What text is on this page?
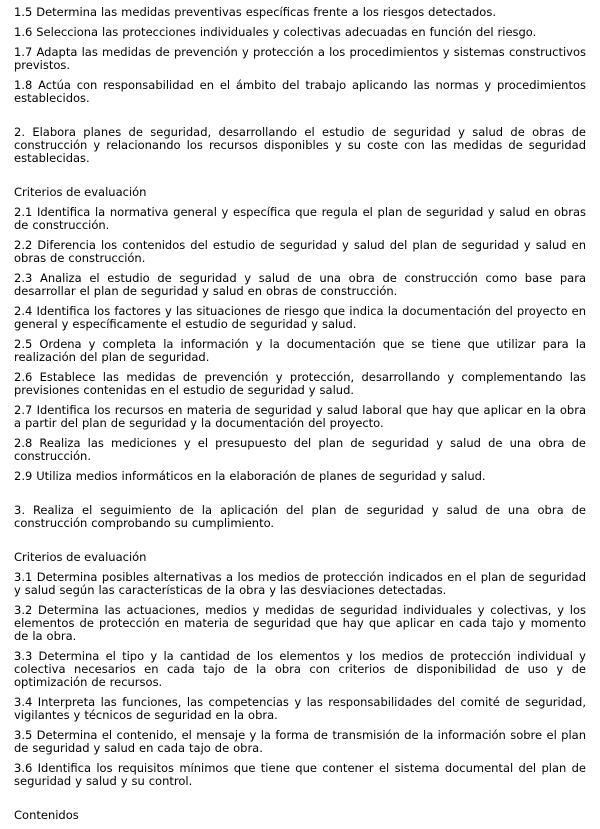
1.5 Determina las medidas preventivas específicas frente a los riesgos detectados.

1.6 Selecciona las protecciones individuales y colectivas adecuadas en función del riesgo.

1.7 Adapta las medidas de prevención y protección a los procedimientos y sistemas constructivos previstos.

1.8 Actúa con responsabilidad en el ámbito del trabajo aplicando las normas y procedimientos establecidos.

2. Elabora planes de seguridad, desarrollando el estudio de seguridad y salud de obras de construcción y relacionando los recursos disponibles y su coste con las medidas de seguridad establecidas.

Criterios de evaluación

2.1 Identifica la normativa general y específica que regula el plan de seguridad y salud en obras de construcción.

2.2 Diferencia los contenidos del estudio de seguridad y salud del plan de seguridad y salud en obras de construcción.

2.3 Analiza el estudio de seguridad y salud de una obra de construcción como base para desarrollar el plan de seguridad y salud en obras de construcción.

2.4 Identifica los factores y las situaciones de riesgo que indica la documentación del proyecto en general y específicamente el estudio de seguridad y salud.

2.5 Ordena y completa la información y la documentación que se tiene que utilizar para la realización del plan de seguridad.

2.6 Establece las medidas de prevención y protección, desarrollando y complementando las previsiones contenidas en el estudio de seguridad y salud.

2.7 Identifica los recursos en materia de seguridad y salud laboral que hay que aplicar en la obra a partir del plan de seguridad y la documentación del proyecto.

2.8 Realiza las mediciones y el presupuesto del plan de seguridad y salud de una obra de construcción.

2.9 Utiliza medios informáticos en la elaboración de planes de seguridad y salud.

3. Realiza el seguimiento de la aplicación del plan de seguridad y salud de una obra de construcción comprobando su cumplimiento.

Criterios de evaluación

3.1 Determina posibles alternativas a los medios de protección indicados en el plan de seguridad y salud según las características de la obra y las desviaciones detectadas.

3.2 Determina las actuaciones, medios y medidas de seguridad individuales y colectivas, y los elementos de protección en materia de seguridad que hay que aplicar en cada tajo y momento de la obra.

3.3 Determina el tipo y la cantidad de los elementos y los medios de protección individual y colectiva necesarios en cada tajo de la obra con criterios de disponibilidad de uso y de optimización de recursos.

3.4 Interpreta las funciones, las competencias y las responsabilidades del comité de seguridad, vigilantes y técnicos de seguridad en la obra.

3.5 Determina el contenido, el mensaje y la forma de transmisión de la información sobre el plan de seguridad y salud en cada tajo de obra.

3.6 Identifica los requisitos mínimos que tiene que contener el sistema documental del plan de seguridad y salud y su control.

Contenidos
